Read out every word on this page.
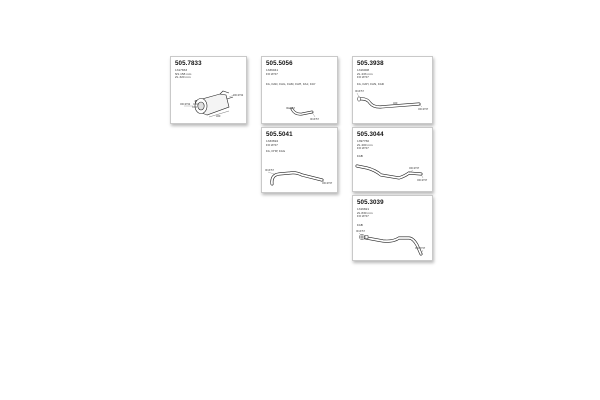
505.7833
1317833
NS 158 mm
ZL 320 mm
OD Ø 52
OD Ø 52
320
505.5056
1336041
FO Ø 57
FA, FAD, FAG, FAM, FAH, FAJ, FAY
ID Ø 57
ID Ø 57
505.3938
1316008
ZL 433 mm
FO Ø 57
FA, FAH, FAN, FAD
ID Ø 57
OD Ø 57
320
505.5041
1333694
FO Ø 57
FA, FHP, FAG
ID Ø 57
OD Ø 57
505.3044
1397760
ZL 400 mm
FO Ø 57
FAB
OD Ø 57
OD Ø 57
505.3039
1316821
ZL 830 mm
FO Ø 57
FAB
ID Ø 57
OD Ø 57
